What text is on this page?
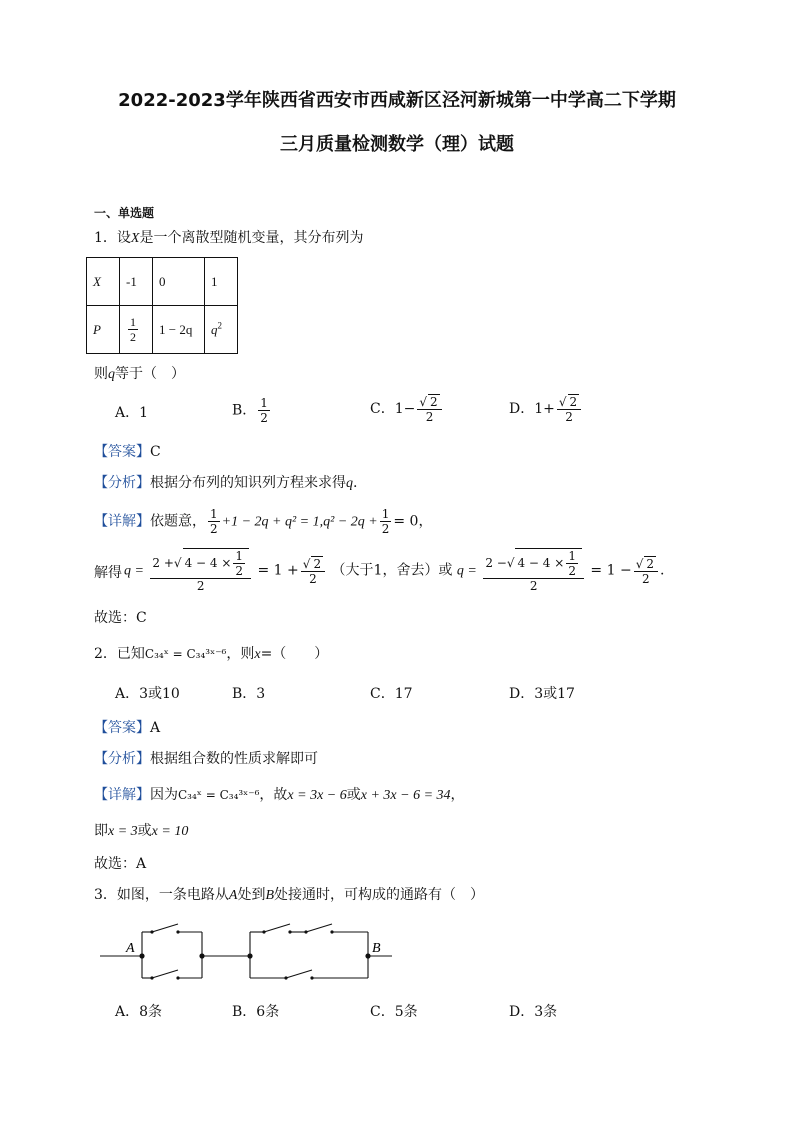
2022-2023学年陕西省西安市西咸新区泾河新城第一中学高二下学期
三月质量检测数学（理）试题
一、单选题
1．设X是一个离散型随机变量，其分布列为
X	-1	0	1
P	$\frac{1}{2}$	1 − 2q	$q^2$
则q等于（　）
A．1	B． $\frac{1}{2}$	C．$1- \frac{√ 2}{2}$	D．$1+ \frac{√ 2}{2}$
【答案】C
【分析】根据分布列的知识列方程来求得q.
【详解】依题意， $\frac{1}{2} +1 - 2q + q^2 = 1,q^2 - 2q + \frac{1}{2} = 0$，
解得 $q = \frac{2 +√ 4 - 4 \times \frac{1}{2}}{2} = 1 + \frac{√ 2}{2}$ （大于1，舍去）或 $q = \frac{2 -√ 4 - 4 \times \frac{1}{2}}{2} = 1 - \frac{√ 2}{2}$ .
故选：C
2．已知C₃₄ˣ = C₃₄³ˣ⁻⁶，则x=（　　）
A．3或10	B．3	C．17	D．3或17
【答案】A
【分析】根据组合数的性质求解即可
【详解】因为C₃₄ˣ = C₃₄³ˣ⁻⁶，故x = 3x − 6或x + 3x − 6 = 34，
即x = 3或x = 10
故选：A
3．如图，一条电路从A处到B处接通时，可构成的通路有（　）
A	B
A．8条	B．6条	C．5条	D．3条
